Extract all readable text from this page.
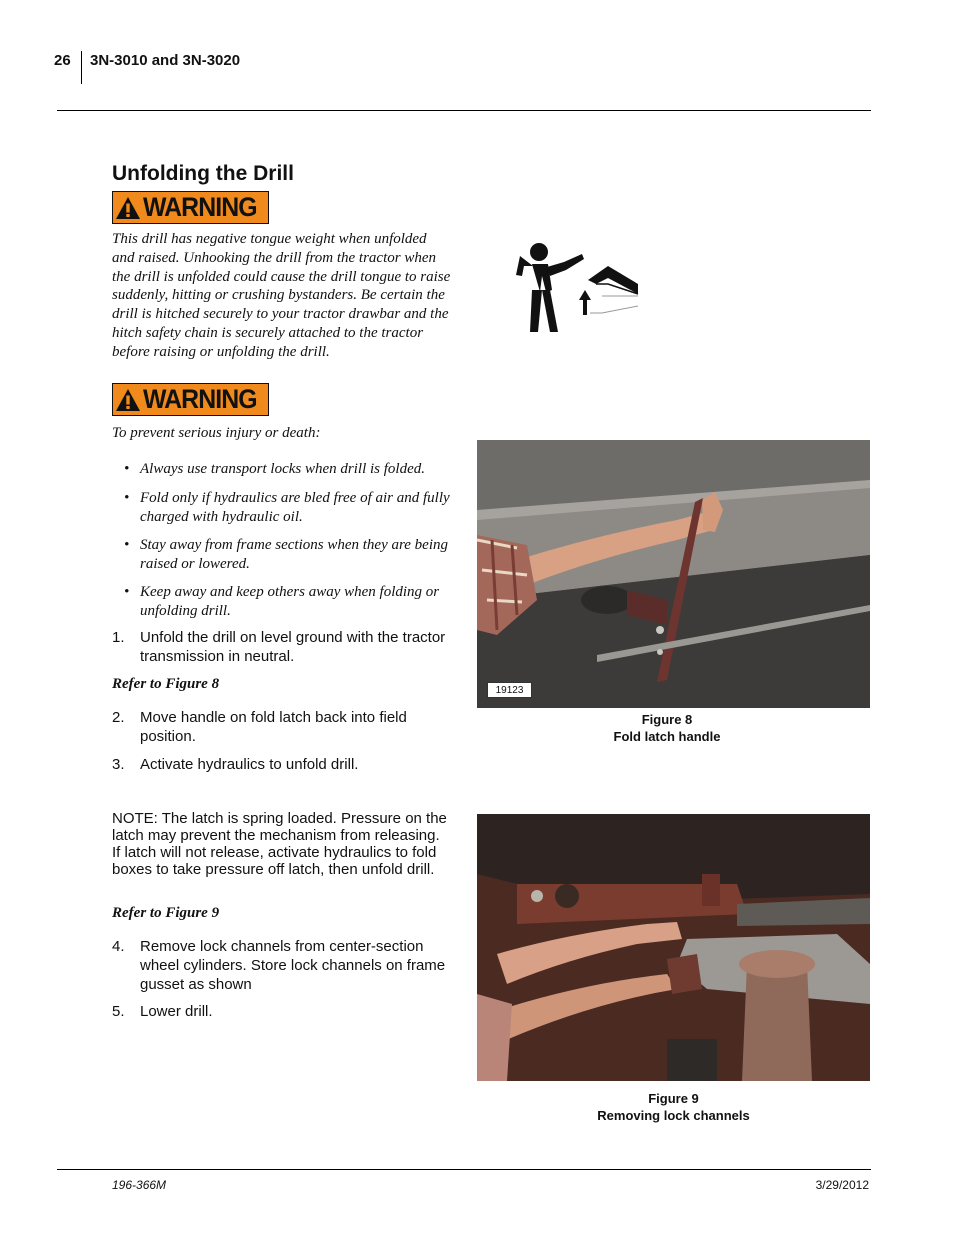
26 3N-3010 and 3N-3020
Unfolding the Drill
WARNING
This drill has negative tongue weight when unfolded and raised. Unhooking the drill from the tractor when the drill is unfolded could cause the drill tongue to raise suddenly, hitting or crushing bystanders. Be certain the drill is hitched securely to your tractor drawbar and the hitch safety chain is securely attached to the tractor before raising or unfolding the drill.
WARNING
To prevent serious injury or death:
• Always use transport locks when drill is folded.
• Fold only if hydraulics are bled free of air and fully charged with hydraulic oil.
• Stay away from frame sections when they are being raised or lowered.
• Keep away and keep others away when folding or unfolding drill.
1. Unfold the drill on level ground with the tractor transmission in neutral.
Refer to Figure 8
2. Move handle on fold latch back into field position.
3. Activate hydraulics to unfold drill.
NOTE: The latch is spring loaded. Pressure on the latch may prevent the mechanism from releasing. If latch will not release, activate hydraulics to fold boxes to take pressure off latch, then unfold drill.
Refer to Figure 9
4. Remove lock channels from center-section wheel cylinders. Store lock channels on frame gusset as shown
5. Lower drill.
19123
Figure 8
Fold latch handle
Figure 9
Removing lock channels
196-366M	3/29/2012
